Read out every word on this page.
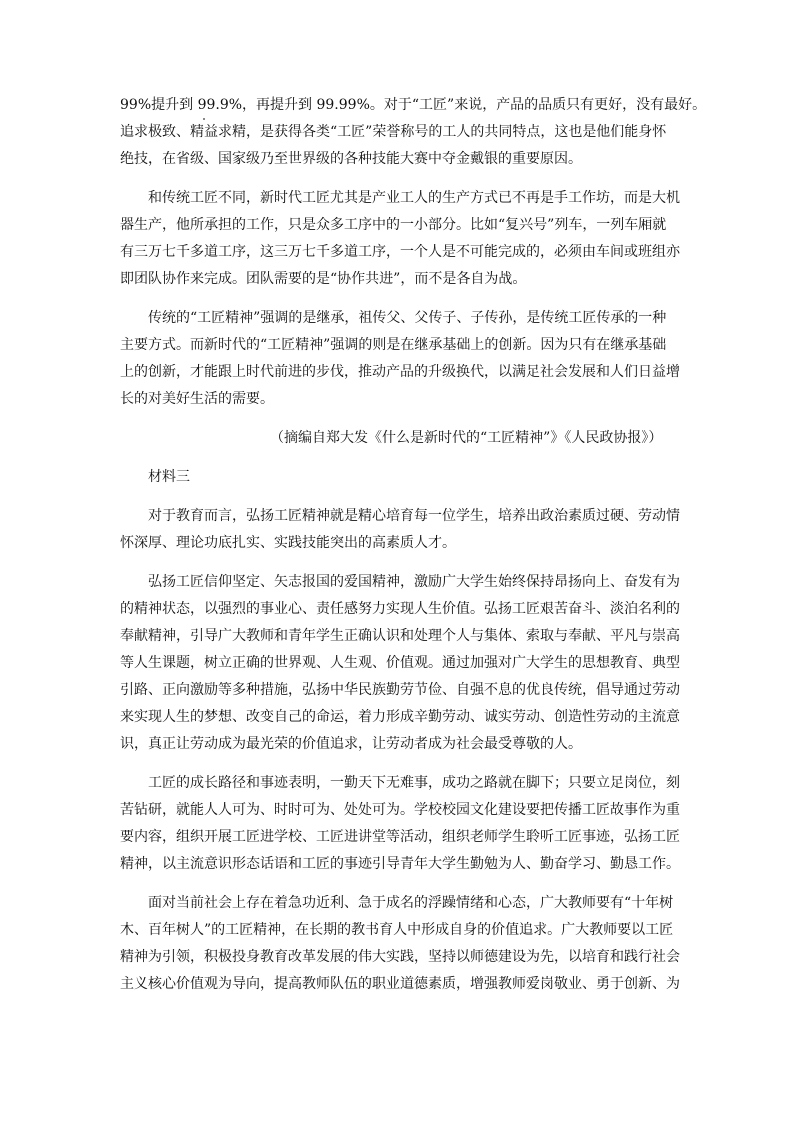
99%提升到 99.9%，再提升到 99.99%。对于“工匠”来说，产品的品质只有更好，没有最好。
追求极致、精益求精，是获得各类“工匠”荣誉称号的工人的共同特点，这也是他们能身怀
绝技，在省级、国家级乃至世界级的各种技能大赛中夺金戴银的重要原因。
和传统工匠不同，新时代工匠尤其是产业工人的生产方式已不再是手工作坊，而是大机
器生产，他所承担的工作，只是众多工序中的一小部分。比如“复兴号”列车，一列车厢就
有三万七千多道工序，这三万七千多道工序，一个人是不可能完成的，必须由车间或班组亦
即团队协作来完成。团队需要的是“协作共进”，而不是各自为战。
传统的“工匠精神”强调的是继承，祖传父、父传子、子传孙，是传统工匠传承的一种
主要方式。而新时代的“工匠精神”强调的则是在继承基础上的创新。因为只有在继承基础
上的创新，才能跟上时代前进的步伐，推动产品的升级换代，以满足社会发展和人们日益增
长的对美好生活的需要。
（摘编自郑大发《什么是新时代的“工匠精神”》《人民政协报》）
材料三
对于教育而言，弘扬工匠精神就是精心培育每一位学生，培养出政治素质过硬、劳动情
怀深厚、理论功底扎实、实践技能突出的高素质人才。
弘扬工匠信仰坚定、矢志报国的爱国精神，激励广大学生始终保持昂扬向上、奋发有为
的精神状态，以强烈的事业心、责任感努力实现人生价值。弘扬工匠艰苦奋斗、淡泊名利的
奉献精神，引导广大教师和青年学生正确认识和处理个人与集体、索取与奉献、平凡与崇高
等人生课题，树立正确的世界观、人生观、价值观。通过加强对广大学生的思想教育、典型
引路、正向激励等多种措施，弘扬中华民族勤劳节俭、自强不息的优良传统，倡导通过劳动
来实现人生的梦想、改变自己的命运，着力形成辛勤劳动、诚实劳动、创造性劳动的主流意
识，真正让劳动成为最光荣的价值追求，让劳动者成为社会最受尊敬的人。
工匠的成长路径和事迹表明，一勤天下无难事，成功之路就在脚下；只要立足岗位，刻
苦钻研，就能人人可为、时时可为、处处可为。学校校园文化建设要把传播工匠故事作为重
要内容，组织开展工匠进学校、工匠进讲堂等活动，组织老师学生聆听工匠事迹，弘扬工匠
精神，以主流意识形态话语和工匠的事迹引导青年大学生勤勉为人、勤奋学习、勤恳工作。
面对当前社会上存在着急功近利、急于成名的浮躁情绪和心态，广大教师要有“十年树
木、百年树人”的工匠精神，在长期的教书育人中形成自身的价值追求。广大教师要以工匠
精神为引领，积极投身教育改革发展的伟大实践，坚持以师德建设为先，以培育和践行社会
主义核心价值观为导向，提高教师队伍的职业道德素质，增强教师爱岗敬业、勇于创新、为
